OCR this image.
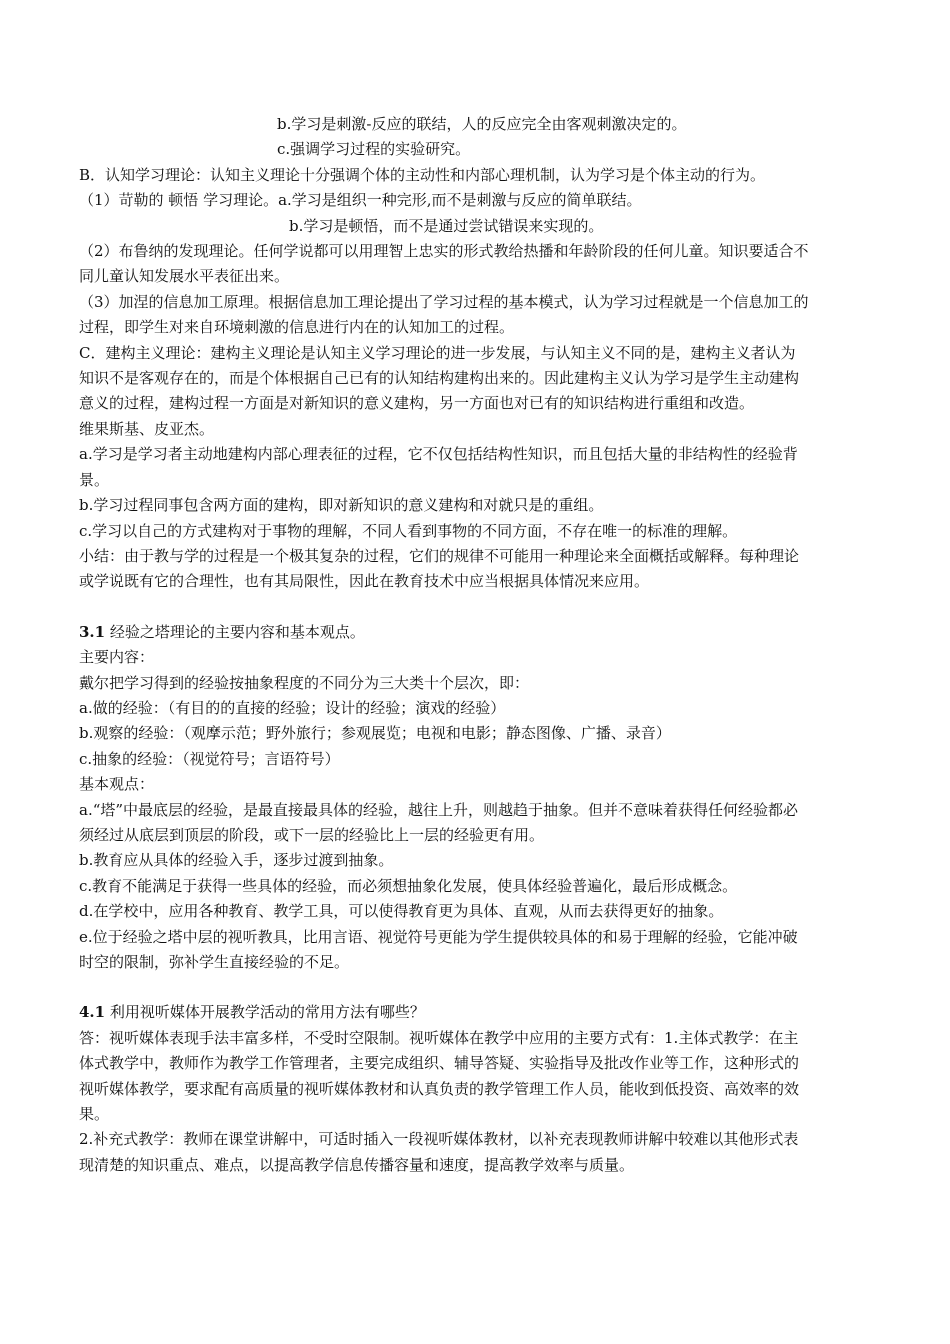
b.学习是刺激-反应的联结，人的反应完全由客观刺激决定的。

c.强调学习过程的实验研究。

B．认知学习理论：认知主义理论十分强调个体的主动性和内部心理机制，认为学习是个体主动的行为。

（1）苛勒的 顿悟 学习理论。a.学习是组织一种完形,而不是刺激与反应的简单联结。

b.学习是顿悟，而不是通过尝试错误来实现的。

（2）布鲁纳的发现理论。任何学说都可以用理智上忠实的形式教给热播和年龄阶段的任何儿童。知识要适合不同儿童认知发展水平表征出来。

（3）加涅的信息加工原理。根据信息加工理论提出了学习过程的基本模式，认为学习过程就是一个信息加工的过程，即学生对来自环境刺激的信息进行内在的认知加工的过程。

C．建构主义理论：建构主义理论是认知主义学习理论的进一步发展，与认知主义不同的是，建构主义者认为知识不是客观存在的，而是个体根据自己已有的认知结构建构出来的。因此建构主义认为学习是学生主动建构意义的过程，建构过程一方面是对新知识的意义建构，另一方面也对已有的知识结构进行重组和改造。

维果斯基、皮亚杰。

a.学习是学习者主动地建构内部心理表征的过程，它不仅包括结构性知识，而且包括大量的非结构性的经验背景。

b.学习过程同事包含两方面的建构，即对新知识的意义建构和对就只是的重组。

c.学习以自己的方式建构对于事物的理解，不同人看到事物的不同方面，不存在唯一的标准的理解。

小结：由于教与学的过程是一个极其复杂的过程，它们的规律不可能用一种理论来全面概括或解释。每种理论或学说既有它的合理性，也有其局限性，因此在教育技术中应当根据具体情况来应用。

3.1 经验之塔理论的主要内容和基本观点。

主要内容：

戴尔把学习得到的经验按抽象程度的不同分为三大类十个层次，即：

a.做的经验：（有目的的直接的经验；设计的经验；演戏的经验）

b.观察的经验：（观摩示范；野外旅行；参观展览；电视和电影；静态图像、广播、录音）

c.抽象的经验：（视觉符号；言语符号）

基本观点：

a.“塔”中最底层的经验，是最直接最具体的经验，越往上升，则越趋于抽象。但并不意味着获得任何经验都必须经过从底层到顶层的阶段，或下一层的经验比上一层的经验更有用。

b.教育应从具体的经验入手，逐步过渡到抽象。

c.教育不能满足于获得一些具体的经验，而必须想抽象化发展，使具体经验普遍化，最后形成概念。

d.在学校中，应用各种教育、教学工具，可以使得教育更为具体、直观，从而去获得更好的抽象。

e.位于经验之塔中层的视听教具，比用言语、视觉符号更能为学生提供较具体的和易于理解的经验，它能冲破时空的限制，弥补学生直接经验的不足。

4.1 利用视听媒体开展教学活动的常用方法有哪些？

答：视听媒体表现手法丰富多样，不受时空限制。视听媒体在教学中应用的主要方式有：1.主体式教学：在主体式教学中，教师作为教学工作管理者，主要完成组织、辅导答疑、实验指导及批改作业等工作，这种形式的视听媒体教学，要求配有高质量的视听媒体教材和认真负责的教学管理工作人员，能收到低投资、高效率的效果。

2.补充式教学：教师在课堂讲解中，可适时插入一段视听媒体教材，以补充表现教师讲解中较难以其他形式表现清楚的知识重点、难点，以提高教学信息传播容量和速度，提高教学效率与质量。
